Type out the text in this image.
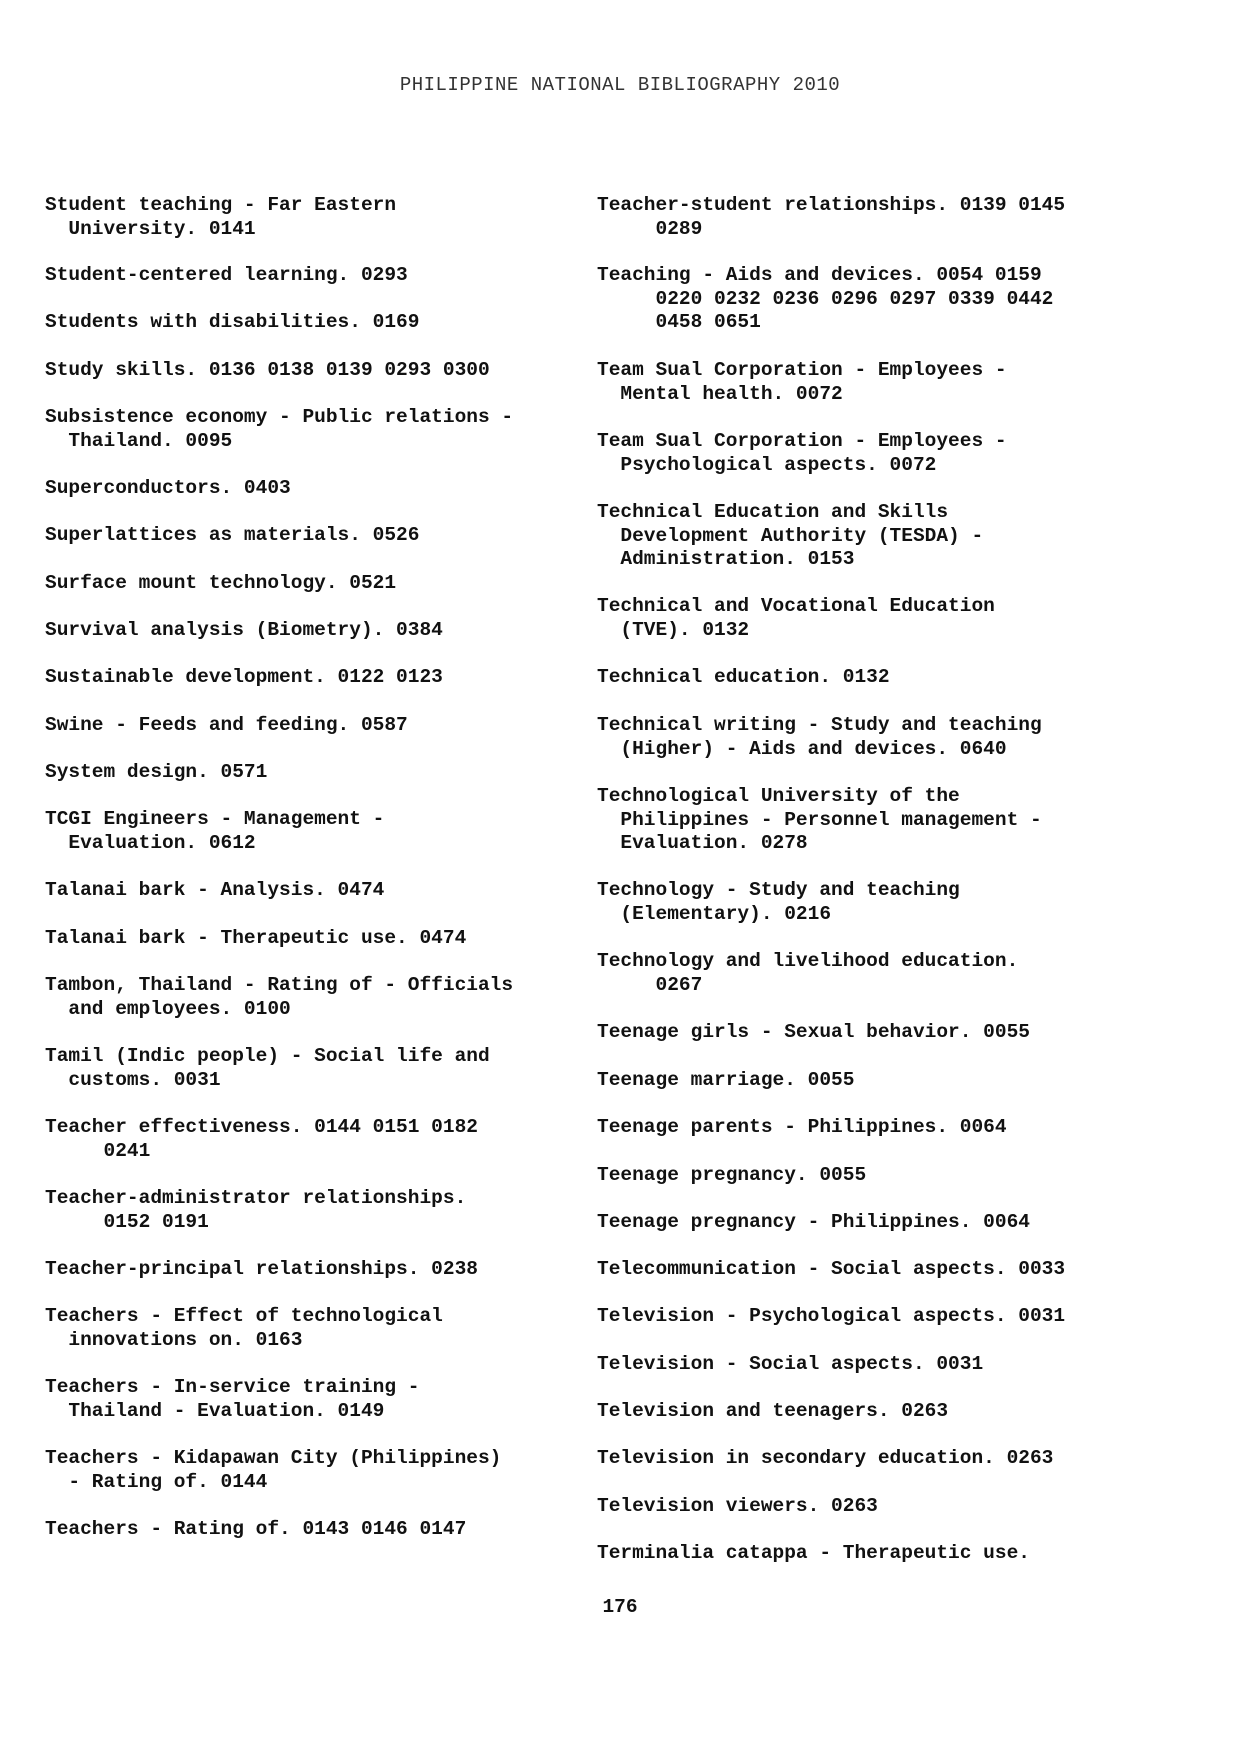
PHILIPPINE NATIONAL BIBLIOGRAPHY 2010
Student teaching - Far Eastern
University. 0141
Student-centered learning. 0293
Students with disabilities. 0169
Study skills. 0136 0138 0139 0293 0300
Subsistence economy - Public relations -
Thailand. 0095
Superconductors. 0403
Superlattices as materials. 0526
Surface mount technology. 0521
Survival analysis (Biometry). 0384
Sustainable development. 0122 0123
Swine - Feeds and feeding. 0587
System design. 0571
TCGI Engineers - Management -
Evaluation. 0612
Talanai bark - Analysis. 0474
Talanai bark - Therapeutic use. 0474
Tambon, Thailand - Rating of - Officials
and employees. 0100
Tamil (Indic people) - Social life and
customs. 0031
Teacher effectiveness. 0144 0151 0182
0241
Teacher-administrator relationships.
0152 0191
Teacher-principal relationships. 0238
Teachers - Effect of technological
innovations on. 0163
Teachers - In-service training -
Thailand - Evaluation. 0149
Teachers - Kidapawan City (Philippines)
- Rating of. 0144
Teachers - Rating of. 0143 0146 0147
Teacher-student relationships. 0139 0145
0289
Teaching - Aids and devices. 0054 0159
0220 0232 0236 0296 0297 0339 0442
0458 0651
Team Sual Corporation - Employees -
Mental health. 0072
Team Sual Corporation - Employees -
Psychological aspects. 0072
Technical Education and Skills
Development Authority (TESDA) -
Administration. 0153
Technical and Vocational Education
(TVE). 0132
Technical education. 0132
Technical writing - Study and teaching
(Higher) - Aids and devices. 0640
Technological University of the
Philippines - Personnel management -
Evaluation. 0278
Technology - Study and teaching
(Elementary). 0216
Technology and livelihood education.
0267
Teenage girls - Sexual behavior. 0055
Teenage marriage. 0055
Teenage parents - Philippines. 0064
Teenage pregnancy. 0055
Teenage pregnancy - Philippines. 0064
Telecommunication - Social aspects. 0033
Television - Psychological aspects. 0031
Television - Social aspects. 0031
Television and teenagers. 0263
Television in secondary education. 0263
Television viewers. 0263
Terminalia catappa - Therapeutic use.
176
